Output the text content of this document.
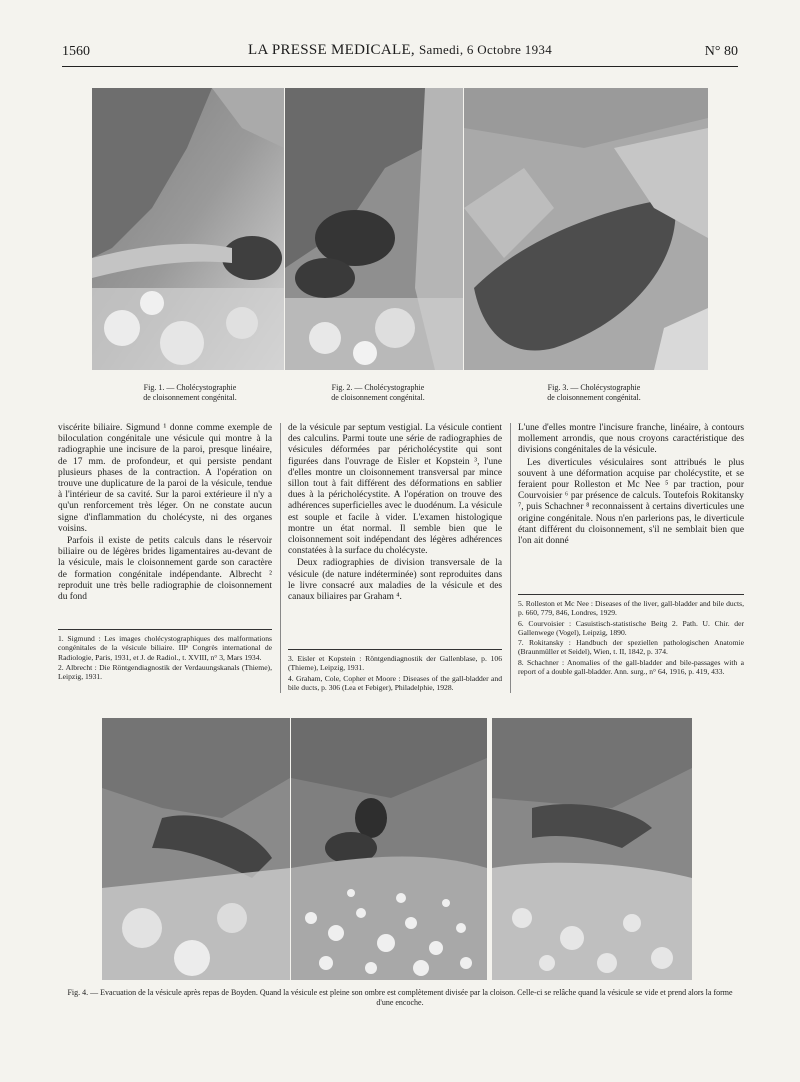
1560	LA PRESSE MEDICALE, Samedi, 6 Octobre 1934	N° 80
Fig. 1. — Cholécystographie
de cloisonnement congénital.
Fig. 2. — Cholécystographie
de cloisonnement congénital.
Fig. 3. — Cholécystographie
de cloisonnement congénital.

viscérite biliaire. Sigmund ¹ donne comme exemple de biloculation congénitale une vésicule qui montre à la radiographie une incisure de la paroi, presque linéaire, de 17 mm. de profondeur, et qui persiste pendant plusieurs phases de la contraction. A l'opération on trouve une duplicature de la paroi de la vésicule, tendue à l'intérieur de sa cavité. Sur la paroi extérieure il n'y a qu'un renforcement très léger. On ne constate aucun signe d'inflammation du cholécyste, ni des organes voisins.

Parfois il existe de petits calculs dans le réservoir biliaire ou de légères brides ligamentaires au-devant de la vésicule, mais le cloisonnement garde son caractère de formation congénitale indépendante. Albrecht ² reproduit une très belle radiographie de cloisonnement du fond

de la vésicule par septum vestigial. La vésicule contient des calculins. Parmi toute une série de radiographies de vésicules déformées par péricholécystite qui sont figurées dans l'ouvrage de Eisler et Kopstein ³, l'une d'elles montre un cloisonnement transversal par mince sillon tout à fait différent des déformations en sablier dues à la péricholécystite. A l'opération on trouve des adhérences superficielles avec le duodénum. La vésicule est souple et facile à vider. L'examen histologique montre un état normal. Il semble bien que le cloisonnement soit indépendant des légères adhérences constatées à la surface du cholécyste.

Deux radiographies de division transversale de la vésicule (de nature indéterminée) sont reproduites dans le livre consacré aux maladies de la vésicule et des canaux biliaires par Graham ⁴.

L'une d'elles montre l'incisure franche, linéaire, à contours mollement arrondis, que nous croyons caractéristique des divisions congénitales de la vésicule.

Les diverticules vésiculaires sont attribués le plus souvent à une déformation acquise par cholécystite, et se feraient pour Rolleston et Mc Nee ⁵ par traction, pour Courvoisier ⁶ par présence de calculs. Toutefois Rokitansky ⁷, puis Schachner ⁸ reconnaissent à certains diverticules une origine congénitale. Nous n'en parlerions pas, le diverticule étant différent du cloisonnement, s'il ne semblait bien que l'on ait donné

1. Sigmund : Les images cholécystographiques des malformations congénitales de la vésicule biliaire. IIIᵉ Congrès international de Radiologie, Paris, 1931, et J. de Radiol., t. XVIII, n° 3, Mars 1934.
2. Albrecht : Die Röntgendiagnostik der Verdauungskanals (Thieme), Leipzig, 1931.
3. Eisler et Kopstein : Röntgendiagnostik der Gallenblase, p. 106 (Thieme), Leipzig, 1931.
4. Graham, Cole, Copher et Moore : Diseases of the gall-bladder and bile ducts, p. 306 (Lea et Febiger), Philadelphie, 1928.
5. Rolleston et Mc Nee : Diseases of the liver, gall-bladder and bile ducts, p. 660, 779, 846, Londres, 1929.
6. Courvoisier : Casuistisch-statistische Beitg 2. Path. U. Chir. der Gallenwege (Vogel), Leipzig, 1890.
7. Rokitansky : Handbuch der speziellen pathologischen Anatomie (Braunmüller et Seidel), Wien, t. II, 1842, p. 374.
8. Schachner : Anomalies of the gall-bladder and bile-passages with a report of a double gall-bladder. Ann. surg., n° 64, 1916, p. 419, 433.
Fig. 4. — Evacuation de la vésicule après repas de Boyden. Quand la vésicule est pleine son ombre est complètement divisée par la cloison. Celle-ci se relâche quand la vésicule se vide et prend alors la forme d'une encoche.
